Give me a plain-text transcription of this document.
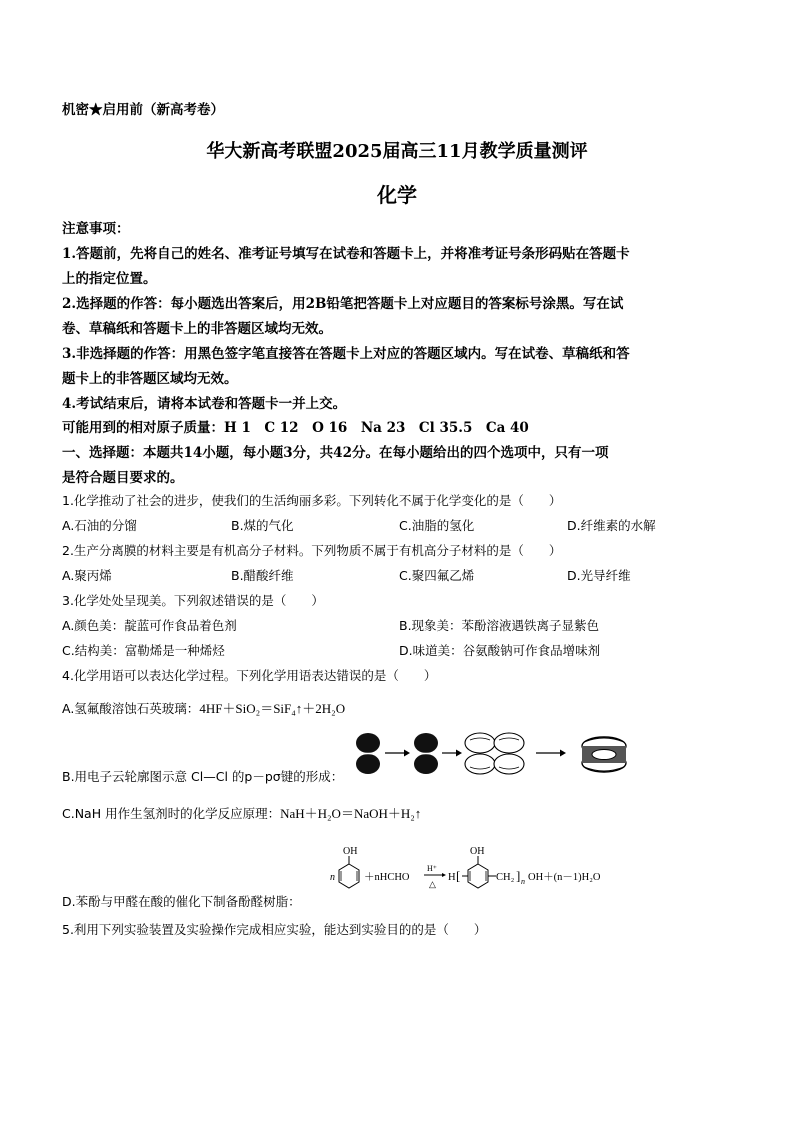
机密★启用前（新高考卷）
华大新高考联盟2025届高三11月教学质量测评
化学
注意事项：
1.答题前，先将自己的姓名、准考证号填写在试卷和答题卡上，并将准考证号条形码贴在答题卡
上的指定位置。
2.选择题的作答：每小题选出答案后，用2B铅笔把答题卡上对应题目的答案标号涂黑。写在试
卷、草稿纸和答题卡上的非答题区域均无效。
3.非选择题的作答：用黑色签字笔直接答在答题卡上对应的答题区域内。写在试卷、草稿纸和答
题卡上的非答题区域均无效。
4.考试结束后，请将本试卷和答题卡一并上交。
可能用到的相对原子质量：H 1　C 12　O 16　Na 23　Cl 35.5　Ca 40
一、选择题：本题共14小题，每小题3分，共42分。在每小题给出的四个选项中，只有一项
是符合题目要求的。
1.化学推动了社会的进步，使我们的生活绚丽多彩。下列转化不属于化学变化的是（　　）
A.石油的分馏	B.煤的气化	C.油脂的氢化	D.纤维素的水解
2.生产分离膜的材料主要是有机高分子材料。下列物质不属于有机高分子材料的是（　　）
A.聚丙烯	B.醋酸纤维	C.聚四氟乙烯	D.光导纤维
3.化学处处呈现美。下列叙述错误的是（　　）
A.颜色美：靛蓝可作食品着色剂	B.现象美：苯酚溶液遇铁离子显紫色
C.结构美：富勒烯是一种烯烃	D.味道美：谷氨酸钠可作食品增味剂
4.化学用语可以表达化学过程。下列化学用语表达错误的是（　　）
A.氢氟酸溶蚀石英玻璃：4HF＋SiO₂＝SiF₄↑＋2H₂O
B.用电子云轮廓图示意 Cl—Cl 的p－pσ键的形成：
C.NaH 用作生氢剂时的化学反应原理：NaH＋H₂O＝NaOH＋H₂↑
OH
n	＋nHCHO
H⁺
△
H [
OH
CH₂ ] n OH＋(n－1)H₂O
D.苯酚与甲醛在酸的催化下制备酚醛树脂：
5.利用下列实验装置及实验操作完成相应实验，能达到实验目的的是（　　）
